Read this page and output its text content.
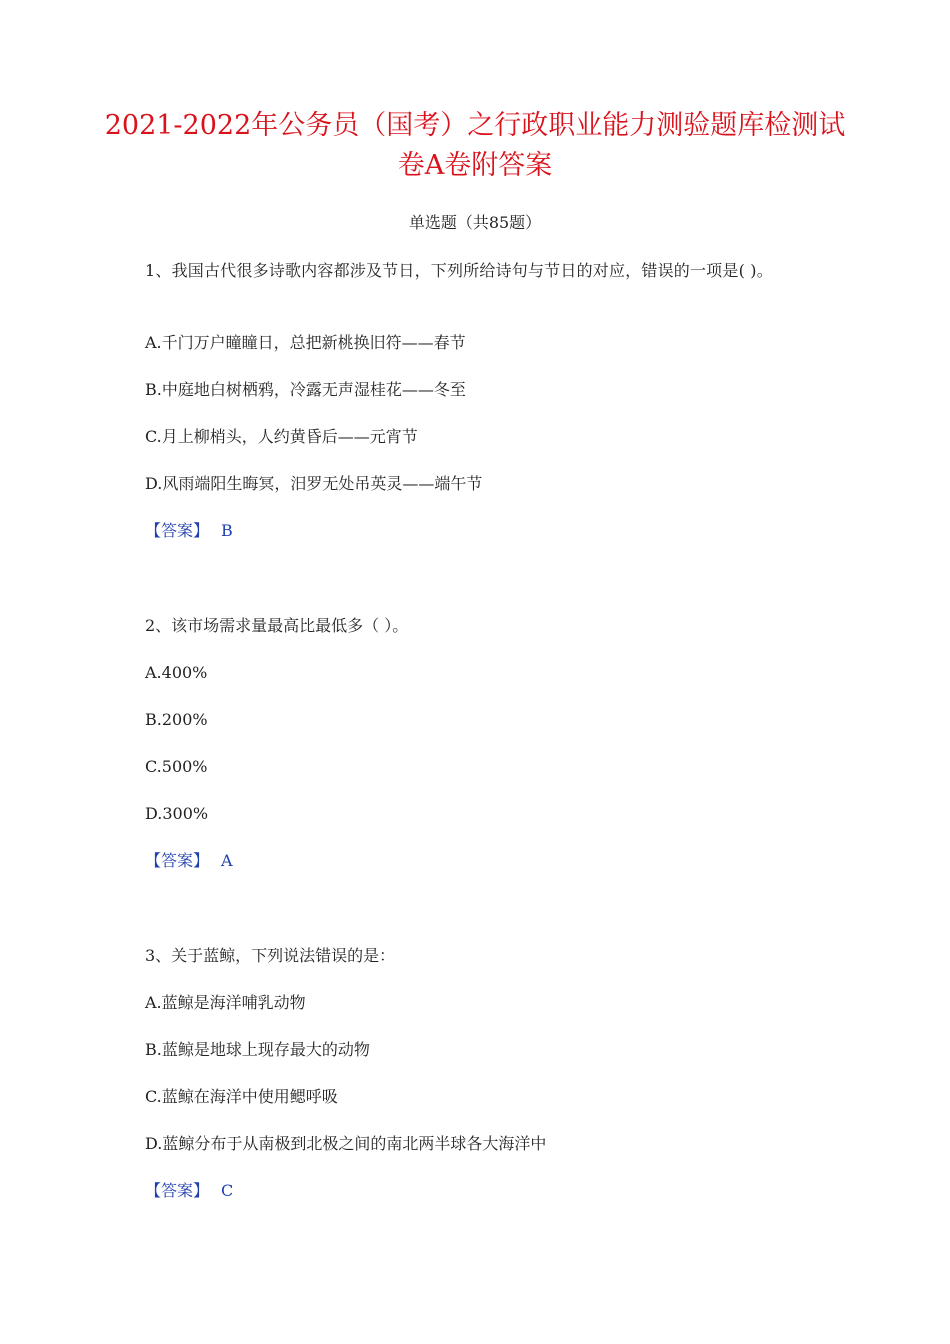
2021-2022年公务员（国考）之行政职业能力测验题库检测试卷A卷附答案
单选题（共85题）

1、我国古代很多诗歌内容都涉及节日，下列所给诗句与节日的对应，错误的一项是( )。

A.千门万户瞳瞳日，总把新桃换旧符——春节

B.中庭地白树栖鸦，冷露无声湿桂花——冬至

C.月上柳梢头，人约黄昏后——元宵节

D.风雨端阳生晦冥，汨罗无处吊英灵——端午节

【答案】 B

2、该市场需求量最高比最低多（ ）。

A.400%

B.200%

C.500%

D.300%

【答案】 A

3、关于蓝鲸，下列说法错误的是：

A.蓝鲸是海洋哺乳动物

B.蓝鲸是地球上现存最大的动物

C.蓝鲸在海洋中使用鳃呼吸

D.蓝鲸分布于从南极到北极之间的南北两半球各大海洋中

【答案】 C
